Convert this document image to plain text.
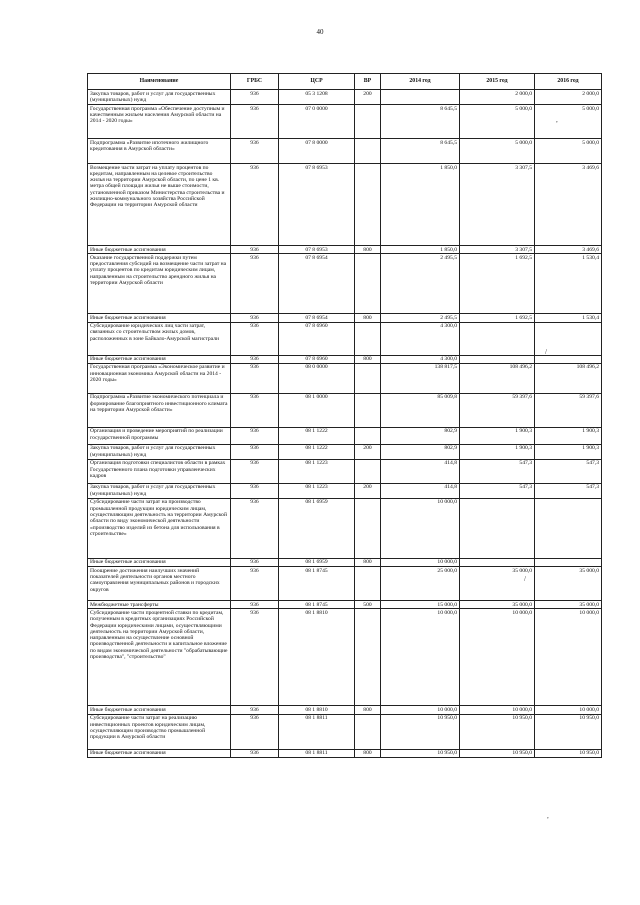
40
Наименование	ГРБС	ЦСР	ВР	2014 год	2015 год	2016 год
Закупка товаров, работ и услуг для государственных (муниципальных) нужд	936	05 3 1208	200		2 000,0	2 000,0
Государственная программа «Обеспечение доступным и качественным жильем населения Амурской области на 2014 - 2020 годы»	936	07 0 0000		8 645,5	5 000,0	5 000,0
Подпрограмма «Развитие ипотечного жилищного кредитования в Амурской области»	936	07 8 0000		8 645,5	5 000,0	5 000,0
Возмещение части затрат на уплату процентов по кредитам, направленным на целевое строительство жилья на территории Амурской области, по цене 1 кв. метра общей площади жилья не выше стоимости, установленной приказом Министерства строительства и жилищно-коммунального хозяйства Российской Федерации на территории Амурской области	936	07 8 6953		1 850,0	3 307,5	3 469,6
Иные бюджетные ассигнования	936	07 8 6953	800	1 850,0	3 307,5	3 469,6
Оказание государственной поддержки путем предоставления субсидий на возмещение части затрат на уплату процентов по кредитам юридическим лицам, направленным на строительство арендного жилья на территории Амурской области	936	07 8 6954		2 495,5	1 692,5	1 530,4
Иные бюджетные ассигнования	936	07 8 6954	800	2 495,5	1 692,5	1 530,4
Субсидирование юридических лиц части затрат, связанных со строительством жилых домов, расположенных в зоне Байкало-Амурской магистрали	936	07 8 6960		4 300,0		
Иные бюджетные ассигнования	936	07 8 6960	800	4 300,0		
Государственная программа «Экономическое развитие и инновационная экономика Амурской области на 2014 - 2020 годы»	936	08 0 0000		138 817,5	108 496,2	108 496,2
Подпрограмма «Развитие экономического потенциала и формирование благоприятного инвестиционного климата на территории Амурской области»	936	08 1 0000		85 009,8	59 397,6	59 397,6
Организация и проведение мероприятий по реализации государственной программы	936	08 1 1222		802,9	1 900,3	1 900,3
Закупка товаров, работ и услуг для государственных (муниципальных) нужд	936	08 1 1222	200	802,9	1 900,3	1 900,3
Организация подготовки специалистов области в рамках Государственного плана подготовки управленческих кадров	936	08 1 1223		414,8	547,3	547,3
Закупка товаров, работ и услуг для государственных (муниципальных) нужд	936	08 1 1223	200	414,8	547,3	547,3
Субсидирование части затрат на производство промышленной продукции юридическим лицам, осуществляющим деятельность на территории Амурской области по виду экономической деятельности «производство изделий из бетона для использования в строительстве»	936	08 1 6959		10 000,0		
Иные бюджетные ассигнования	936	08 1 6959	800	10 000,0		
Поощрение достижения наилучших значений показателей деятельности органов местного самоуправления муниципальных районов и городских округов	936	08 1 8745		25 000,0	35 000,0	35 000,0
Межбюджетные трансферты	936	08 1 8745	500	15 000,0	35 000,0	35 000,0
Субсидирование части процентной ставки по кредитам, полученным в кредитных организациях Российской Федерации юридическими лицами, осуществляющими деятельность на территории Амурской области, направленным на осуществление основной производственной деятельности и капитальное вложение по видам экономической деятельности "обрабатывающие производства", "строительство"	936	08 1 8810		10 000,0	10 000,0	10 000,0
Иные бюджетные ассигнования	936	08 1 8810	800	10 000,0	10 000,0	10 000,0
Субсидирование части затрат на реализацию инвестиционных проектов юридическим лицам, осуществляющим производство промышленной продукции в Амурской области	936	08 1 8811		10 950,0	10 950,0	10 950,0
Иные бюджетные ассигнования	936	08 1 8811	800	10 950,0	10 950,0	10 950,0
,
/
/
,
